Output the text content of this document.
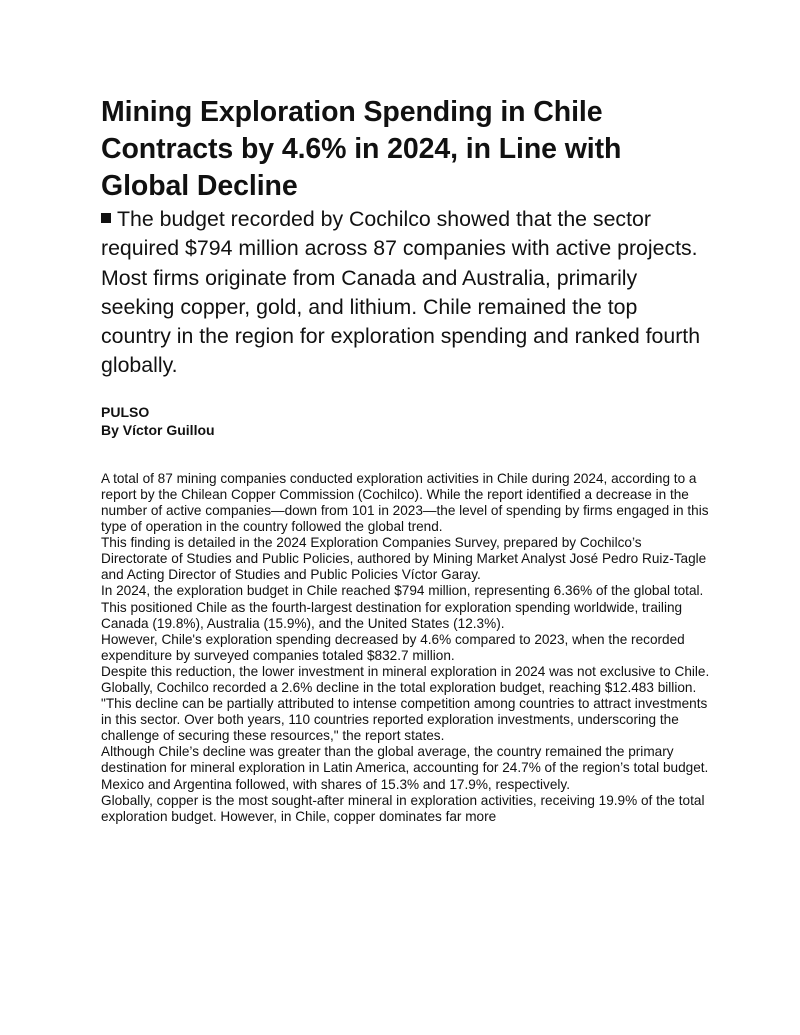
Mining Exploration Spending in Chile Contracts by 4.6% in 2024, in Line with Global Decline

The budget recorded by Cochilco showed that the sector required $794 million across 87 companies with active projects. Most firms originate from Canada and Australia, primarily seeking copper, gold, and lithium. Chile remained the top country in the region for exploration spending and ranked fourth globally.

PULSO
By Víctor Guillou

A total of 87 mining companies conducted exploration activities in Chile during 2024, according to a report by the Chilean Copper Commission (Cochilco). While the report identified a decrease in the number of active companies—down from 101 in 2023—the level of spending by firms engaged in this type of operation in the country followed the global trend.

This finding is detailed in the 2024 Exploration Companies Survey, prepared by Cochilco’s Directorate of Studies and Public Policies, authored by Mining Market Analyst José Pedro Ruiz-Tagle and Acting Director of Studies and Public Policies Víctor Garay.

In 2024, the exploration budget in Chile reached $794 million, representing 6.36% of the global total. This positioned Chile as the fourth-largest destination for exploration spending worldwide, trailing Canada (19.8%), Australia (15.9%), and the United States (12.3%).

However, Chile's exploration spending decreased by 4.6% compared to 2023, when the recorded expenditure by surveyed companies totaled $832.7 million.

Despite this reduction, the lower investment in mineral exploration in 2024 was not exclusive to Chile. Globally, Cochilco recorded a 2.6% decline in the total exploration budget, reaching $12.483 billion.

"This decline can be partially attributed to intense competition among countries to attract investments in this sector. Over both years, 110 countries reported exploration investments, underscoring the challenge of securing these resources," the report states.

Although Chile’s decline was greater than the global average, the country remained the primary destination for mineral exploration in Latin America, accounting for 24.7% of the region’s total budget. Mexico and Argentina followed, with shares of 15.3% and 17.9%, respectively.

Globally, copper is the most sought-after mineral in exploration activities, receiving 19.9% of the total exploration budget. However, in Chile, copper dominates far more
